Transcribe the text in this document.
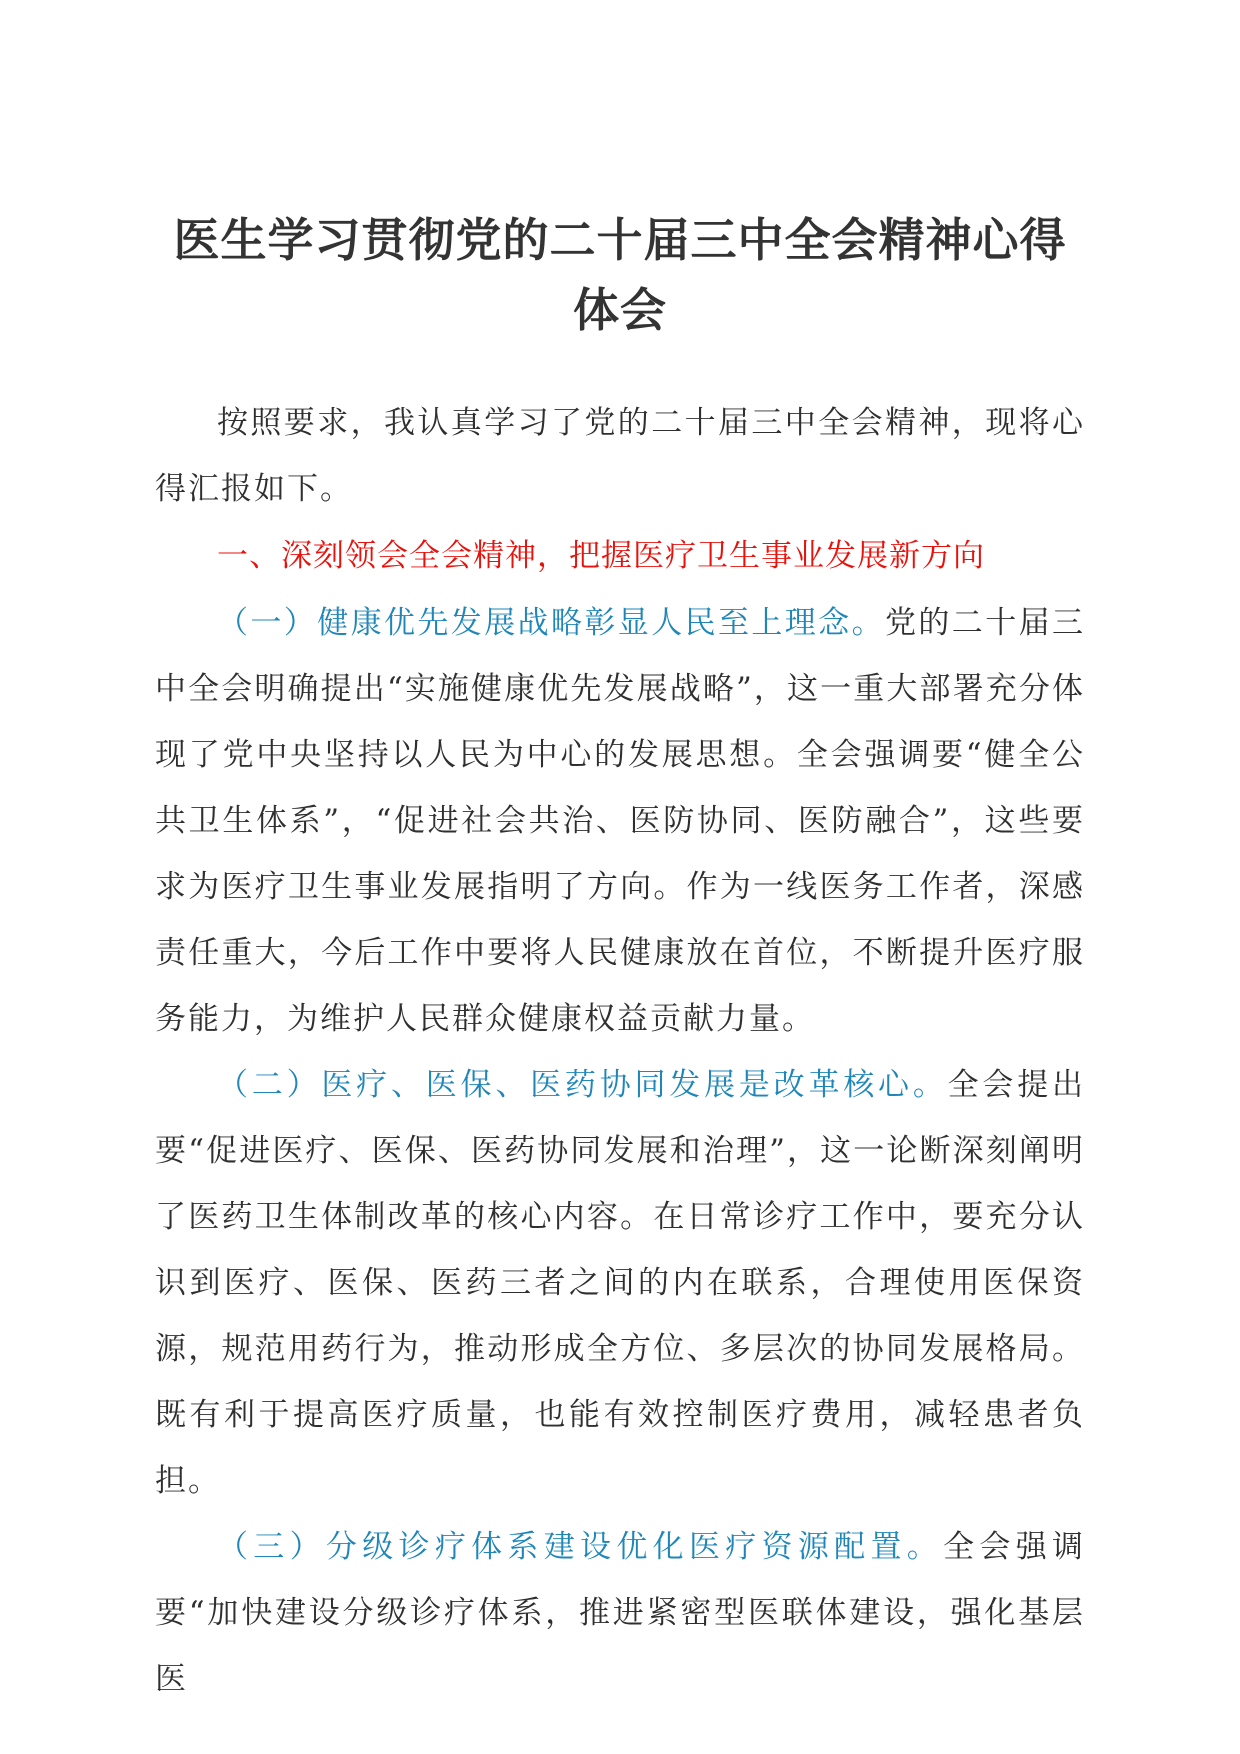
医生学习贯彻党的二十届三中全会精神心得体会

按照要求，我认真学习了党的二十届三中全会精神，现将心得汇报如下。

一、深刻领会全会精神，把握医疗卫生事业发展新方向

（一）健康优先发展战略彰显人民至上理念。党的二十届三中全会明确提出“实施健康优先发展战略”，这一重大部署充分体现了党中央坚持以人民为中心的发展思想。全会强调要“健全公共卫生体系”，“促进社会共治、医防协同、医防融合”，这些要求为医疗卫生事业发展指明了方向。作为一线医务工作者，深感责任重大，今后工作中要将人民健康放在首位，不断提升医疗服务能力，为维护人民群众健康权益贡献力量。

（二）医疗、医保、医药协同发展是改革核心。全会提出要“促进医疗、医保、医药协同发展和治理”，这一论断深刻阐明了医药卫生体制改革的核心内容。在日常诊疗工作中，要充分认识到医疗、医保、医药三者之间的内在联系，合理使用医保资源，规范用药行为，推动形成全方位、多层次的协同发展格局。既有利于提高医疗质量，也能有效控制医疗费用，减轻患者负担。

（三）分级诊疗体系建设优化医疗资源配置。全会强调要“加快建设分级诊疗体系，推进紧密型医联体建设，强化基层医
